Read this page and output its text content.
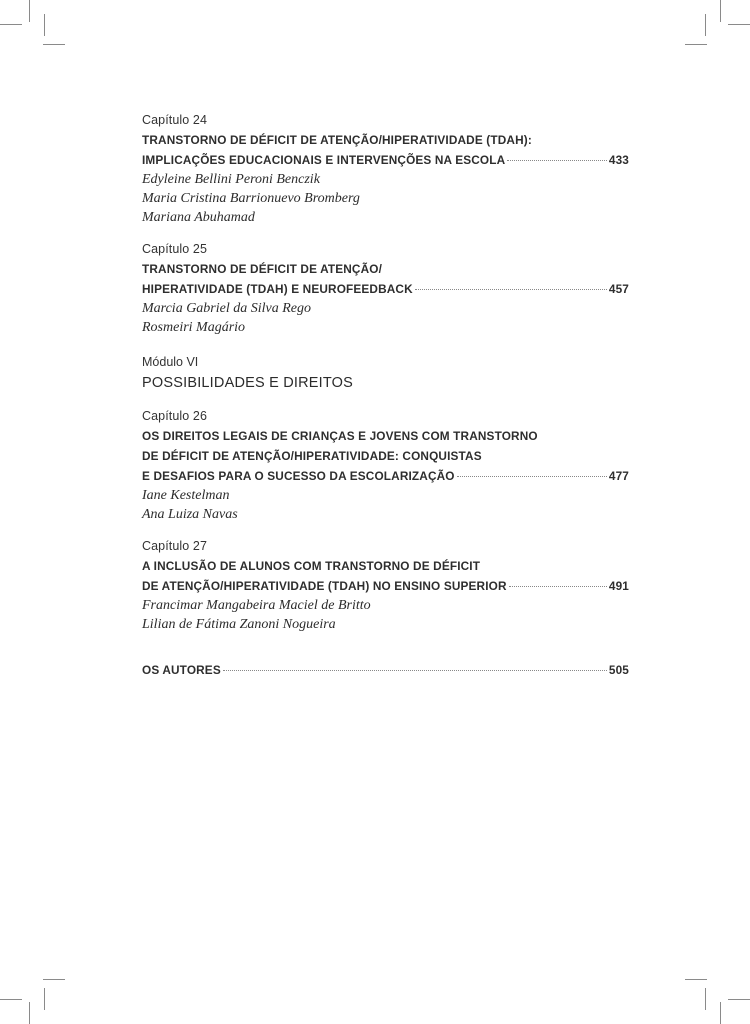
Capítulo 24
TRANSTORNO DE DÉFICIT DE ATENÇÃO/HIPERATIVIDADE (TDAH):
IMPLICAÇÕES EDUCACIONAIS E INTERVENÇÕES NA ESCOLA	433
Edyleine Bellini Peroni Benczik
Maria Cristina Barrionuevo Bromberg
Mariana Abuhamad
Capítulo 25
TRANSTORNO DE DÉFICIT DE ATENÇÃO/
HIPERATIVIDADE (TDAH) E NEUROFEEDBACK	457
Marcia Gabriel da Silva Rego
Rosmeiri Magário
Módulo VI
POSSIBILIDADES E DIREITOS
Capítulo 26
OS DIREITOS LEGAIS DE CRIANÇAS E JOVENS COM TRANSTORNO
DE DÉFICIT DE ATENÇÃO/HIPERATIVIDADE: CONQUISTAS
E DESAFIOS PARA O SUCESSO DA ESCOLARIZAÇÃO	477
Iane Kestelman
Ana Luiza Navas
Capítulo 27
A INCLUSÃO DE ALUNOS COM TRANSTORNO DE DÉFICIT
DE ATENÇÃO/HIPERATIVIDADE (TDAH) NO ENSINO SUPERIOR	491
Francimar Mangabeira Maciel de Britto
Lilian de Fátima Zanoni Nogueira
OS AUTORES	505
